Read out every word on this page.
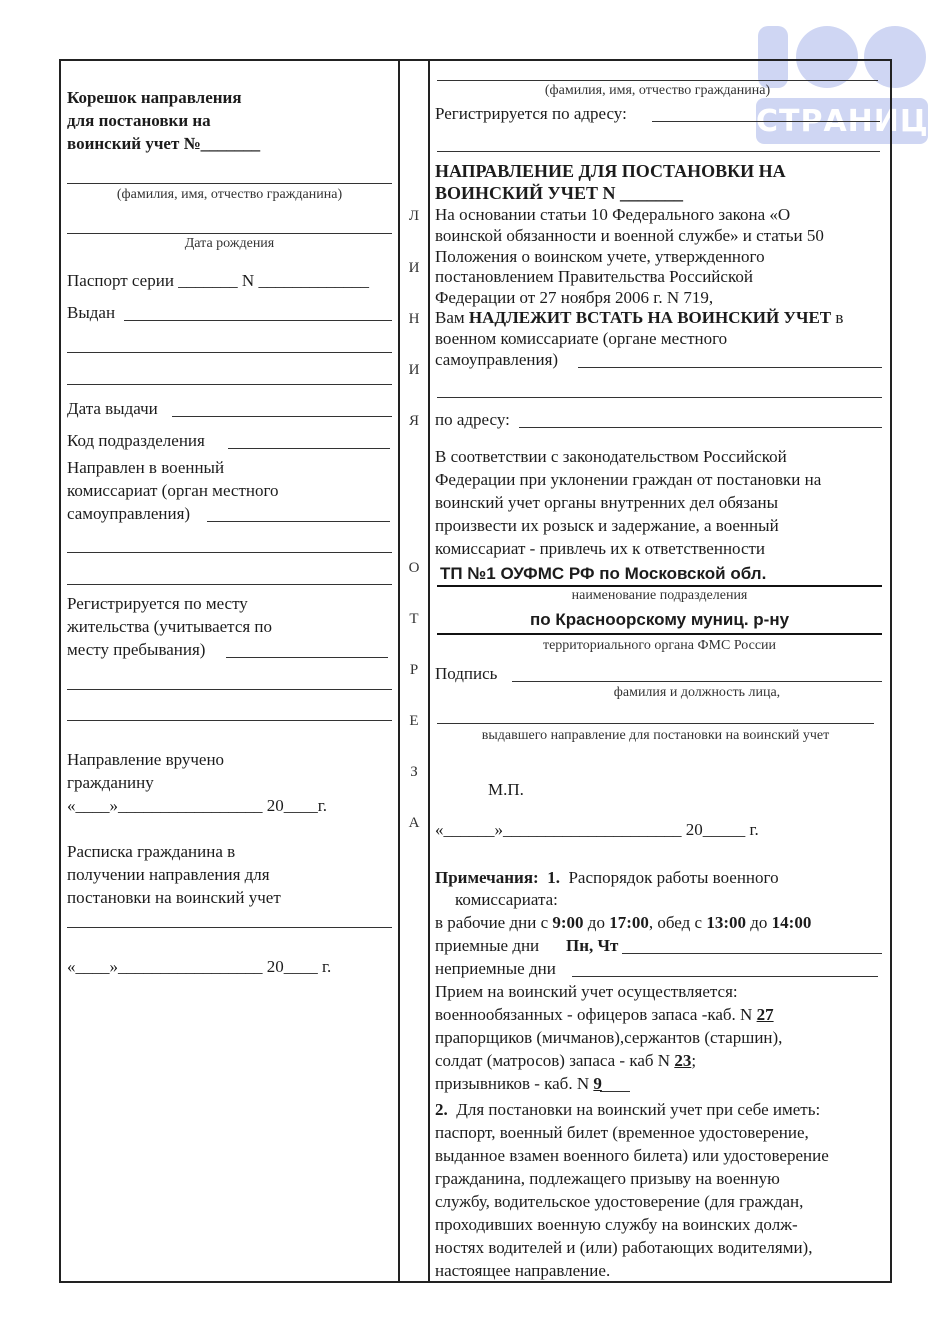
СТРАНИЦ
Корешок направления
для постановки на
воинский учет №_______
(фамилия, имя, отчество гражданина)
Дата рождения
Паспорт серии _______ N _____________
Выдан
Дата выдачи
Код подразделения
Направлен в военный
комиссариат (орган местного
самоуправления)
Регистрируется по месту
жительства (учитывается по
месту пребывания)
Направление вручено
гражданину
«____»_________________ 20____г.
Расписка гражданина в
получении направления для
постановки на воинский учет
«____»_________________ 20____ г.
Л
И
Н
И
Я
О
Т
Р
Е
З
А
(фамилия, имя, отчество гражданина)
Регистрируется по адресу:
НАПРАВЛЕНИЕ ДЛЯ ПОСТАНОВКИ НА
ВОИНСКИЙ УЧЕТ N _______
На основании статьи 10 Федерального закона «О
воинской обязанности и военной службе» и статьи 50
Положения о воинском учете, утвержденного
постановлением Правительства Российской
Федерации от 27 ноября 2006 г. N 719,
Вам НАДЛЕЖИТ ВСТАТЬ НА ВОИНСКИЙ УЧЕТ в
военном комиссариате (органе местного
самоуправления)
по адресу:
В соответствии с законодательством Российской
Федерации при уклонении граждан от постановки на
воинский учет органы внутренних дел обязаны
произвести их розыск и задержание, а военный
комиссариат - привлечь их к ответственности
ТП №1 ОУФМС РФ по Московской обл.
наименование подразделения
по Красноорскому муниц. р-ну
территориального органа ФМС России
Подпись
фамилия и должность лица,
выдавшего направление для постановки на воинский учет
М.П.
«______»_____________________ 20_____ г.
Примечания: 1. Распорядок работы военного
комиссариата:
в рабочие дни с 9:00 до 17:00, обед с 13:00 до 14:00
приемные дни Пн, Чт
неприемные дни
Прием на воинский учет осуществляется:
военнообязанных - офицеров запаса -каб. N 27
прапорщиков (мичманов),сержантов (старшин),
солдат (матросов) запаса - каб N 23;
призывников - каб. N 9
2. Для постановки на воинский учет при себе иметь:
паспорт, военный билет (временное удостоверение,
выданное взамен военного билета) или удостоверение
гражданина, подлежащего призыву на военную
службу, водительское удостоверение (для граждан,
проходивших военную службу на воинских долж-
ностях водителей и (или) работающих водителями),
настоящее направление.
